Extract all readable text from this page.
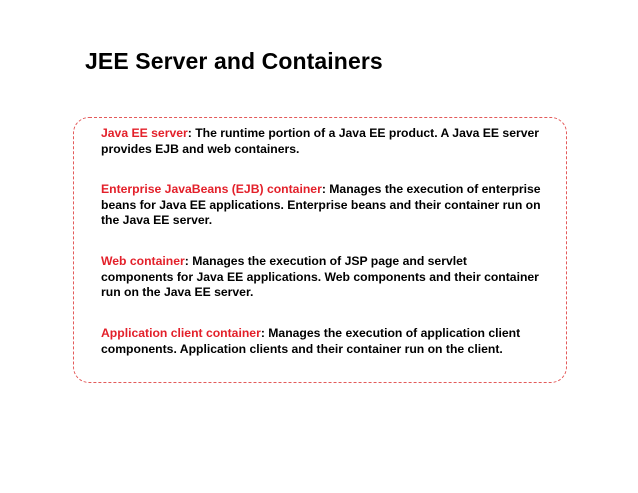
JEE Server and Containers

Java EE server: The runtime portion of a Java EE product. A Java EE server provides EJB and web containers.

Enterprise JavaBeans (EJB) container: Manages the execution of enterprise beans for Java EE applications. Enterprise beans and their container run on the Java EE server.

Web container: Manages the execution of JSP page and servlet components for Java EE applications. Web components and their container run on the Java EE server.

Application client container: Manages the execution of application client components. Application clients and their container run on the client.
